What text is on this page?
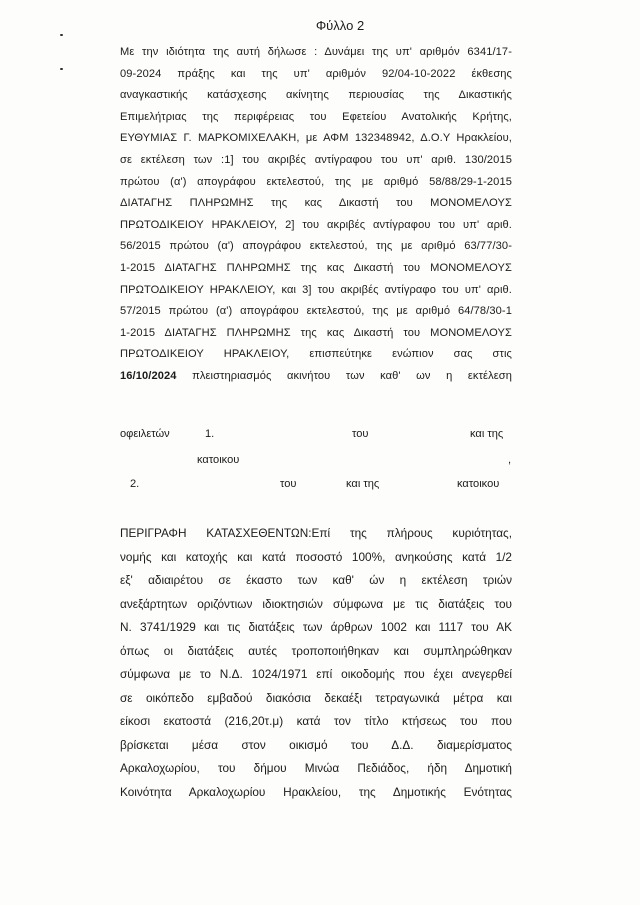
Φύλλο 2
Με την ιδιότητα της αυτή δήλωσε : Δυνάμει της υπ' αριθμόν 6341/17-
09-2024 πράξης και της υπ' αριθμόν 92/04-10-2022 έκθεσης
αναγκαστικής κατάσχεσης ακίνητης περιουσίας της Δικαστικής
Επιμελήτριας της περιφέρειας του Εφετείου Ανατολικής Κρήτης,
ΕΥΘΥΜΙΑΣ Γ. ΜΑΡΚΟΜΙΧΕΛΑΚΗ, με ΑΦΜ 132348942, Δ.Ο.Υ Ηρακλείου,
σε εκτέλεση των :1] του ακριβές αντίγραφου του υπ' αριθ. 130/2015
πρώτου (α') απογράφου εκτελεστού, της με αριθμό 58/88/29-1-2015
ΔΙΑΤΑΓΗΣ ΠΛΗΡΩΜΗΣ της κας Δικαστή του ΜΟΝΟΜΕΛΟΥΣ
ΠΡΩΤΟΔΙΚΕΙΟΥ ΗΡΑΚΛΕΙΟΥ, 2] του ακριβές αντίγραφου του υπ' αριθ.
56/2015 πρώτου (α') απογράφου εκτελεστού, της με αριθμό 63/77/30-
1-2015 ΔΙΑΤΑΓΗΣ ΠΛΗΡΩΜΗΣ της κας Δικαστή του ΜΟΝΟΜΕΛΟΥΣ
ΠΡΩΤΟΔΙΚΕΙΟΥ ΗΡΑΚΛΕΙΟΥ, και 3] του ακριβές αντίγραφο του υπ' αριθ.
57/2015 πρώτου (α') απογράφου εκτελεστού, της με αριθμό 64/78/30-1
1-2015 ΔΙΑΤΑΓΗΣ ΠΛΗΡΩΜΗΣ της κας Δικαστή του ΜΟΝΟΜΕΛΟΥΣ
ΠΡΩΤΟΔΙΚΕΙΟΥ ΗΡΑΚΛΕΙΟΥ, επισπεύτηκε ενώπιον σας στις
16/10/2024 πλειστηριασμός ακινήτου των καθ' ων η εκτέλεση
οφειλετών	1.	του	και της
κατοικου	,
2.	του	και της	κατοικου
ΠΕΡΙΓΡΑΦΗ ΚΑΤΑΣΧΕΘΕΝΤΩΝ:Επί της πλήρους κυριότητας,
νομής και κατοχής και κατά ποσοστό 100%, ανηκούσης κατά 1/2
εξ' αδιαιρέτου σε έκαστο των καθ' ών η εκτέλεση τριών
ανεξάρτητων οριζόντιων ιδιοκτησιών σύμφωνα με τις διατάξεις του
Ν. 3741/1929 και τις διατάξεις των άρθρων 1002 και 1117 του ΑΚ
όπως οι διατάξεις αυτές τροποποιήθηκαν και συμπληρώθηκαν
σύμφωνα με το Ν.Δ. 1024/1971 επί οικοδομής που έχει ανεγερθεί
σε οικόπεδο εμβαδού διακόσια δεκαέξι τετραγωνικά μέτρα και
είκοσι εκατοστά (216,20τ.μ) κατά τον τίτλο κτήσεως του που
βρίσκεται μέσα στον οικισμό του Δ.Δ. διαμερίσματος
Αρκαλοχωρίου, του δήμου Μινώα Πεδιάδος, ήδη Δημοτική
Κοινότητα Αρκαλοχωρίου Ηρακλείου, της Δημοτικής Ενότητας
